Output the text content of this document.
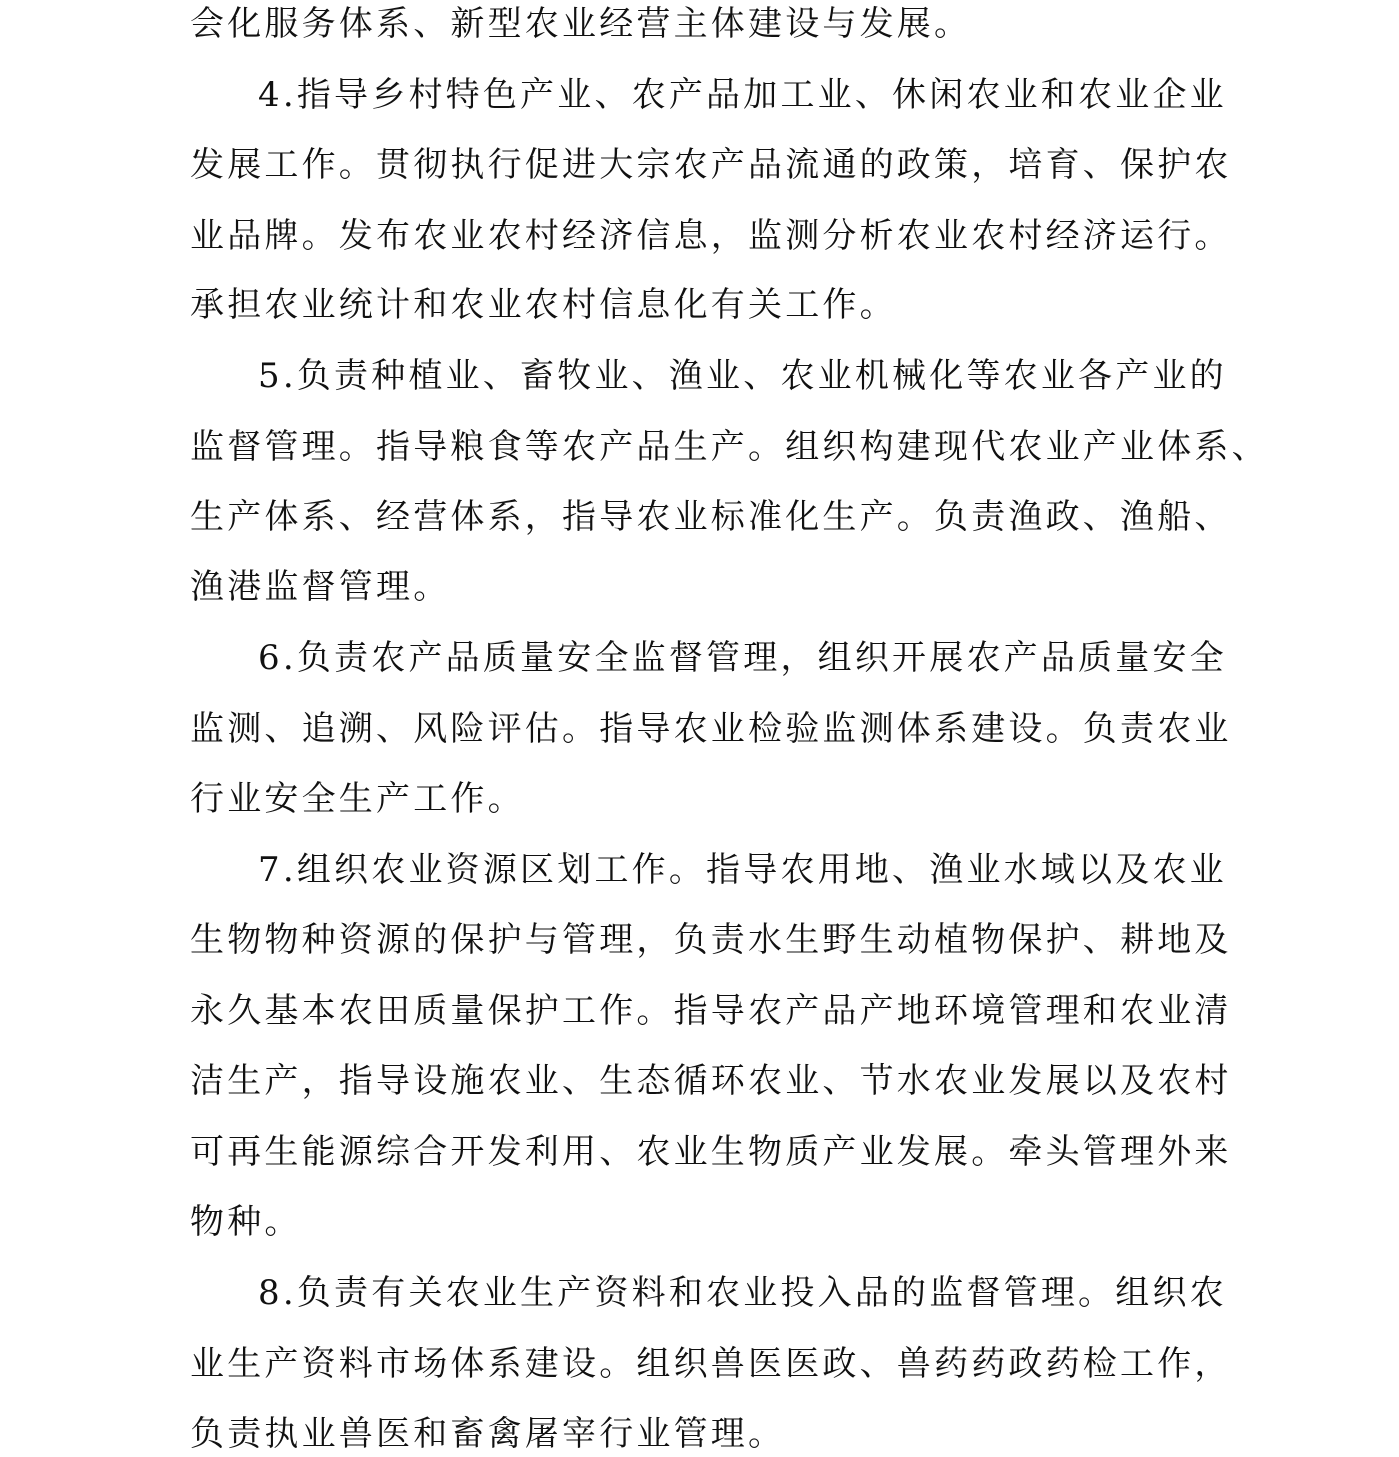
会化服务体系、新型农业经营主体建设与发展。
4.指导乡村特色产业、农产品加工业、休闲农业和农业企业
发展工作。贯彻执行促进大宗农产品流通的政策，培育、保护农
业品牌。发布农业农村经济信息，监测分析农业农村经济运行。
承担农业统计和农业农村信息化有关工作。
5.负责种植业、畜牧业、渔业、农业机械化等农业各产业的
监督管理。指导粮食等农产品生产。组织构建现代农业产业体系、
生产体系、经营体系，指导农业标准化生产。负责渔政、渔船、
渔港监督管理。
6.负责农产品质量安全监督管理，组织开展农产品质量安全
监测、追溯、风险评估。指导农业检验监测体系建设。负责农业
行业安全生产工作。
7.组织农业资源区划工作。指导农用地、渔业水域以及农业
生物物种资源的保护与管理，负责水生野生动植物保护、耕地及
永久基本农田质量保护工作。指导农产品产地环境管理和农业清
洁生产，指导设施农业、生态循环农业、节水农业发展以及农村
可再生能源综合开发利用、农业生物质产业发展。牵头管理外来
物种。
8.负责有关农业生产资料和农业投入品的监督管理。组织农
业生产资料市场体系建设。组织兽医医政、兽药药政药检工作，
负责执业兽医和畜禽屠宰行业管理。
